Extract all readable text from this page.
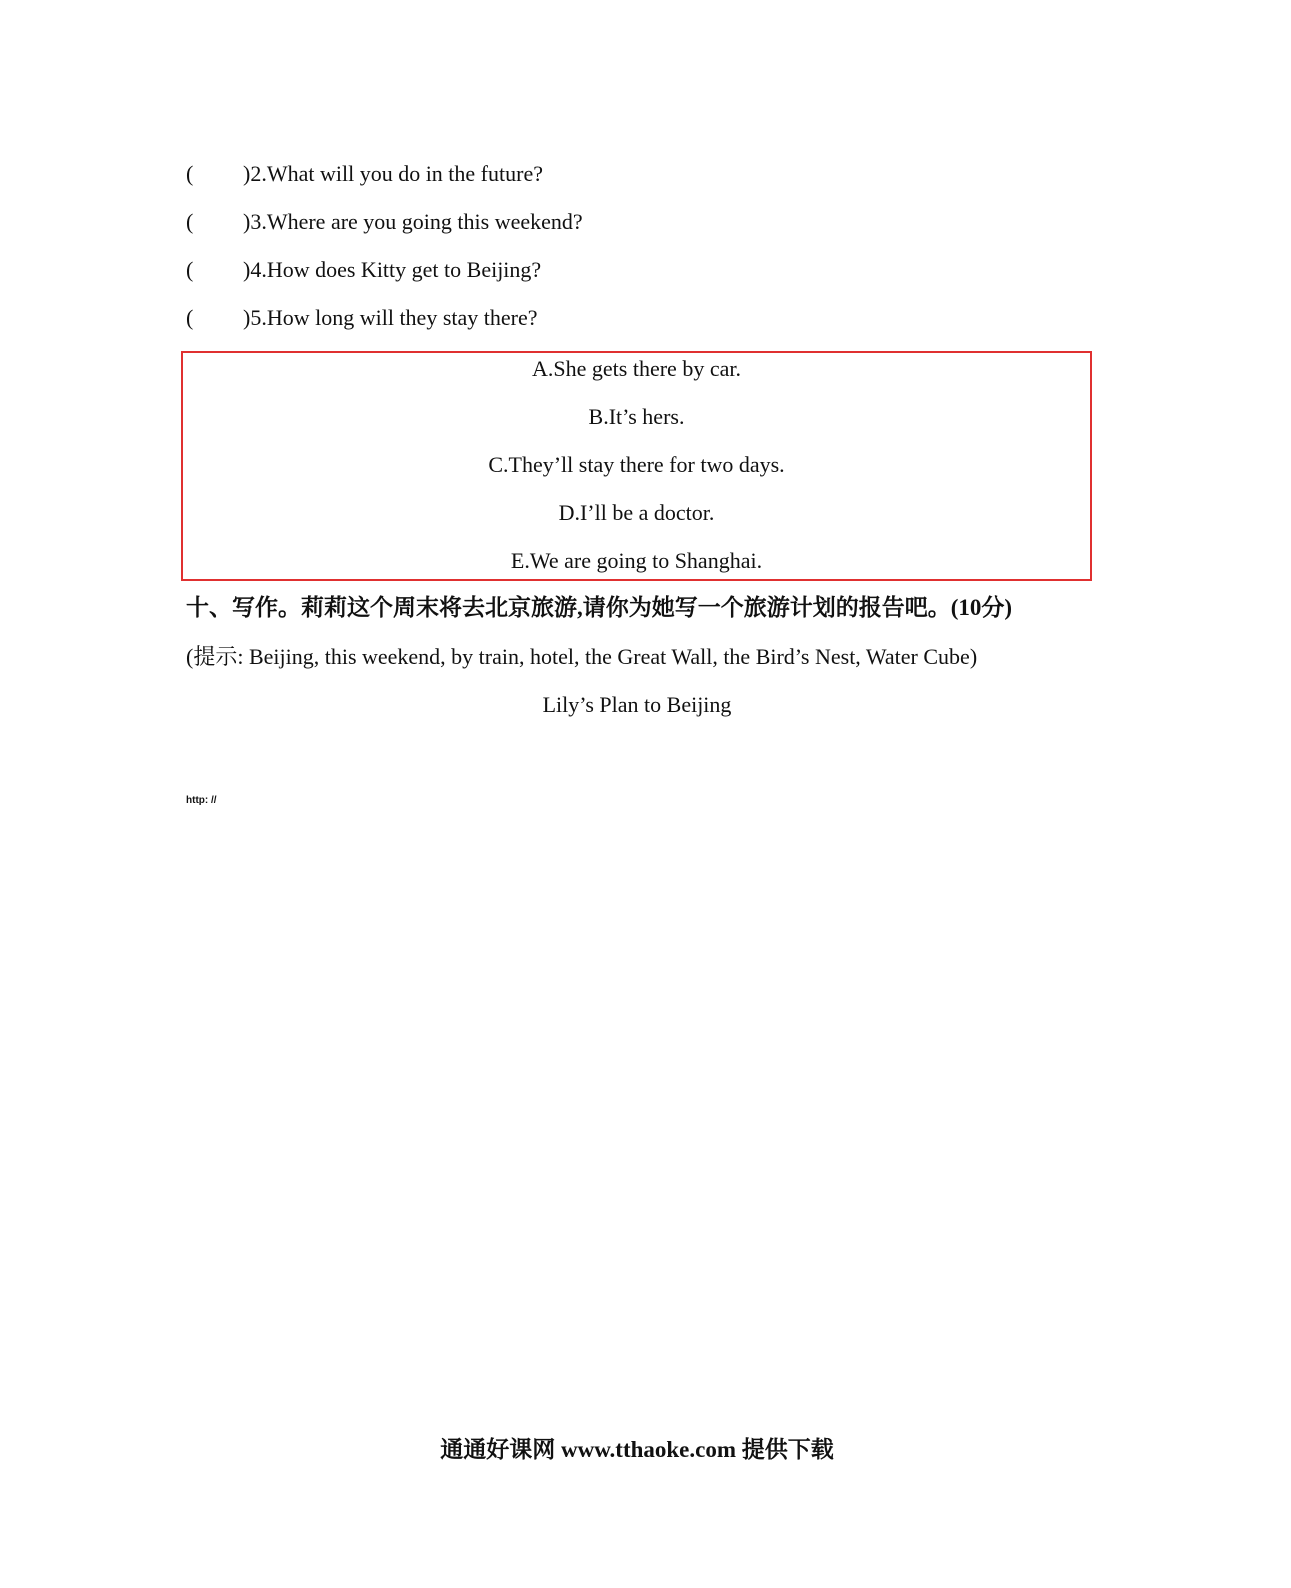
( )2.What will you do in the future?
( )3.Where are you going this weekend?
( )4.How does Kitty get to Beijing?
( )5.How long will they stay there?
A.She gets there by car.
B.It’s hers.
C.They’ll stay there for two days.
D.I’ll be a doctor.
E.We are going to Shanghai.
十、写作。莉莉这个周末将去北京旅游,请你为她写一个旅游计划的报告吧。(10分)
(提示: Beijing, this weekend, by train, hotel, the Great Wall, the Bird’s Nest, Water Cube)
Lily’s Plan to Beijing
http: //
通通好课网 www.tthaoke.com 提供下载
